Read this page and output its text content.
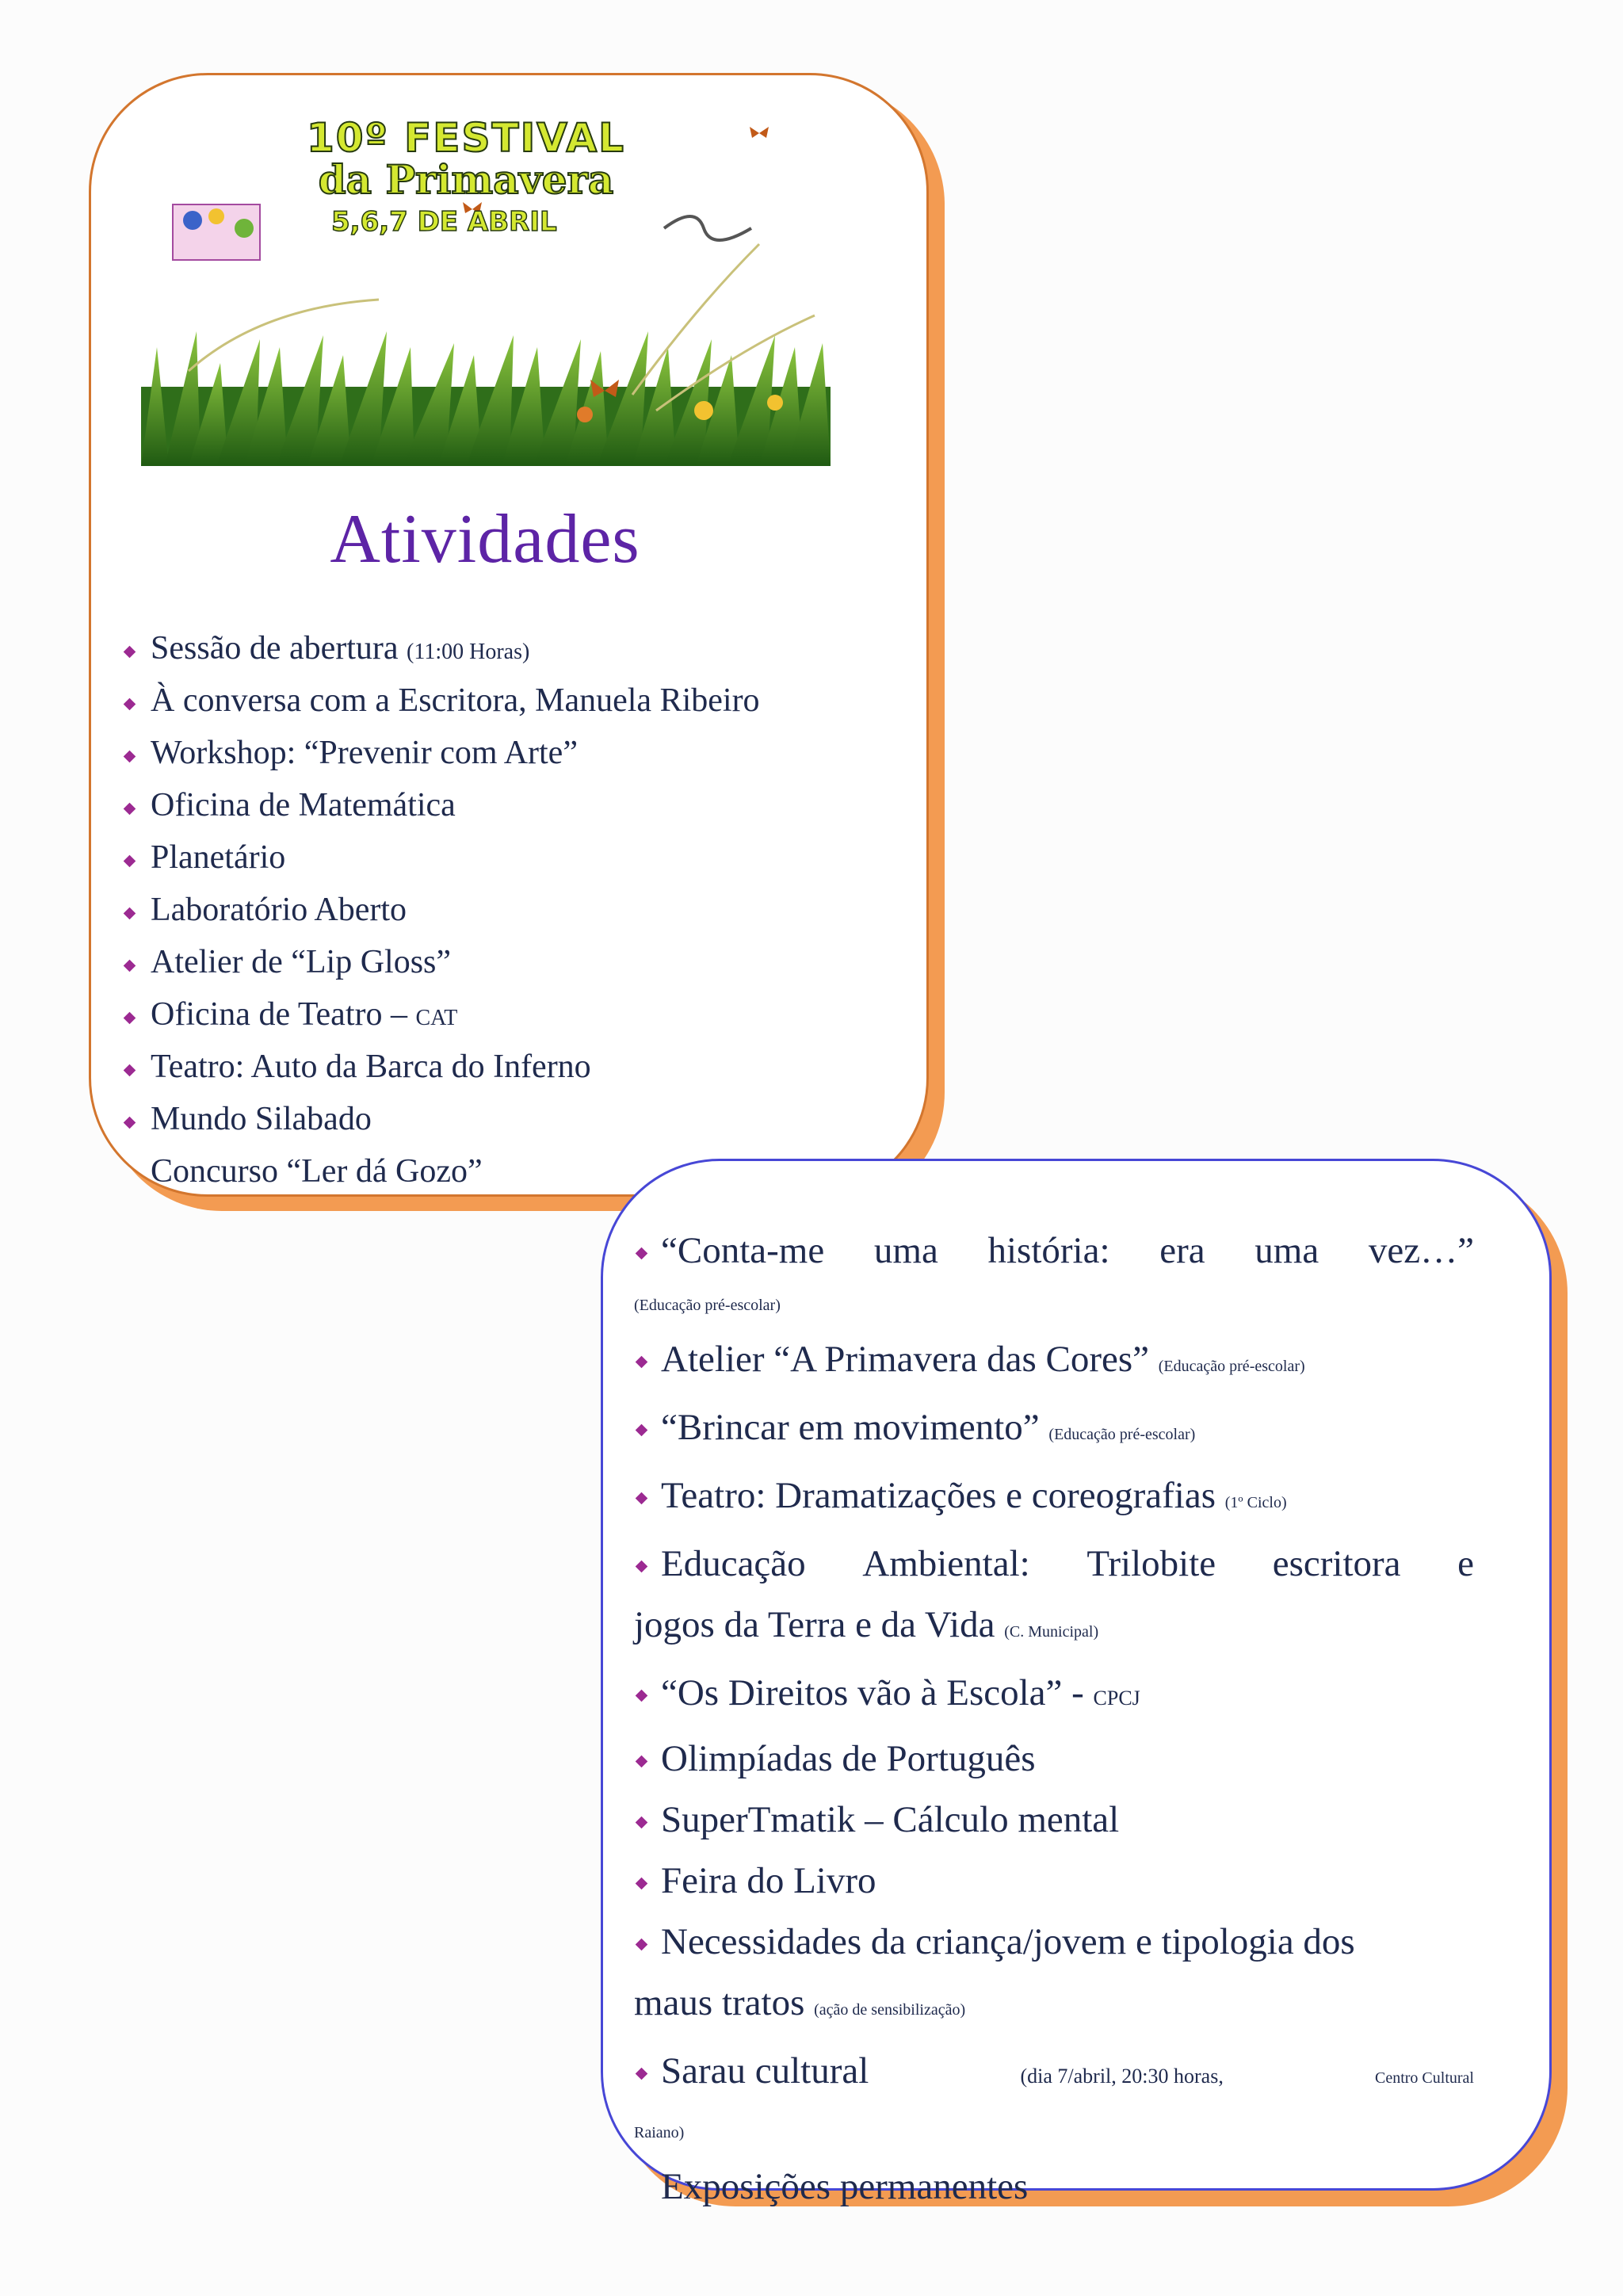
10º FESTIVAL
da Primavera
5,6,7 DE ABRIL
Atividades
Sessão de abertura (11:00 Horas)
À conversa com a Escritora, Manuela Ribeiro
Workshop: “Prevenir com Arte”
Oficina de Matemática
Planetário
Laboratório Aberto
Atelier de “Lip Gloss”
Oficina de Teatro – CAT
Teatro: Auto da Barca do Inferno
Mundo Silabado
Concurso “Ler dá Gozo”
“Conta-me uma história: era uma vez…”
(Educação pré-escolar)
Atelier “A Primavera das Cores” (Educação pré-escolar)
“Brincar em movimento” (Educação pré-escolar)
Teatro: Dramatizações e coreografias (1º Ciclo)
Educação Ambiental: Trilobite escritora e
jogos da Terra e da Vida (C. Municipal)
“Os Direitos vão à Escola” - CPCJ
Olimpíadas de Português
SuperTmatik – Cálculo mental
Feira do Livro
Necessidades da criança/jovem e tipologia dos
maus tratos (ação de sensibilização)
Sarau cultural	(dia 7/abril, 20:30 horas,	Centro Cultural
Raiano)
Exposições permanentes
